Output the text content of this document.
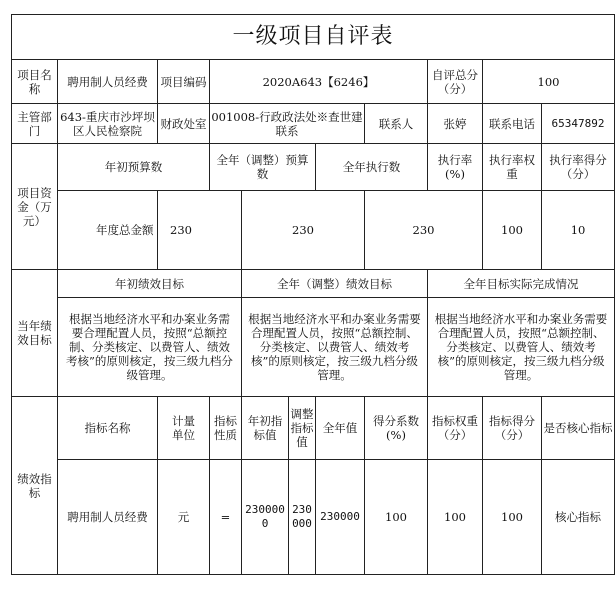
一级项目自评表											
项目名称	聘用制人员经费	项目编码	2020A643【6246】					自评总分（分）	100		
主管部门	643-重庆市沙坪坝区人民检察院	财政处室	001008-行政政法处※查世建联系				联系人	张婷	联系电话	65347892	
项目资金（万元）	年初预算数		全年（调整）预算数			全年执行数		执行率(%)	执行率权重	执行率得分（分）	
	年度总金额	230		230			230		100	10	
当年绩效目标	年初绩效目标			全年（调整）绩效目标				全年目标实际完成情况			
	根据当地经济水平和办案业务需要合理配置人员，按照“总额控制、分类核定、以费管人、绩效考核”的原则核定，按三级九档分级管理。			根据当地经济水平和办案业务需要合理配置人员，按照“总额控制、分类核定、以费管人、绩效考核”的原则核定，按三级九档分级管理。				根据当地经济水平和办案业务需要合理配置人员，按照“总额控制、分类核定、以费管人、绩效考核”的原则核定，按三级九档分级管理。			
绩效指标	指标名称	计量单位	指标性质	年初指标值	调整指标值	全年值	得分系数(%)	指标权重（分）	指标得分（分）	是否核心指标	
	聘用制人员经费	元	=	2300000	230000	230000	100	100	100	核心指标	
